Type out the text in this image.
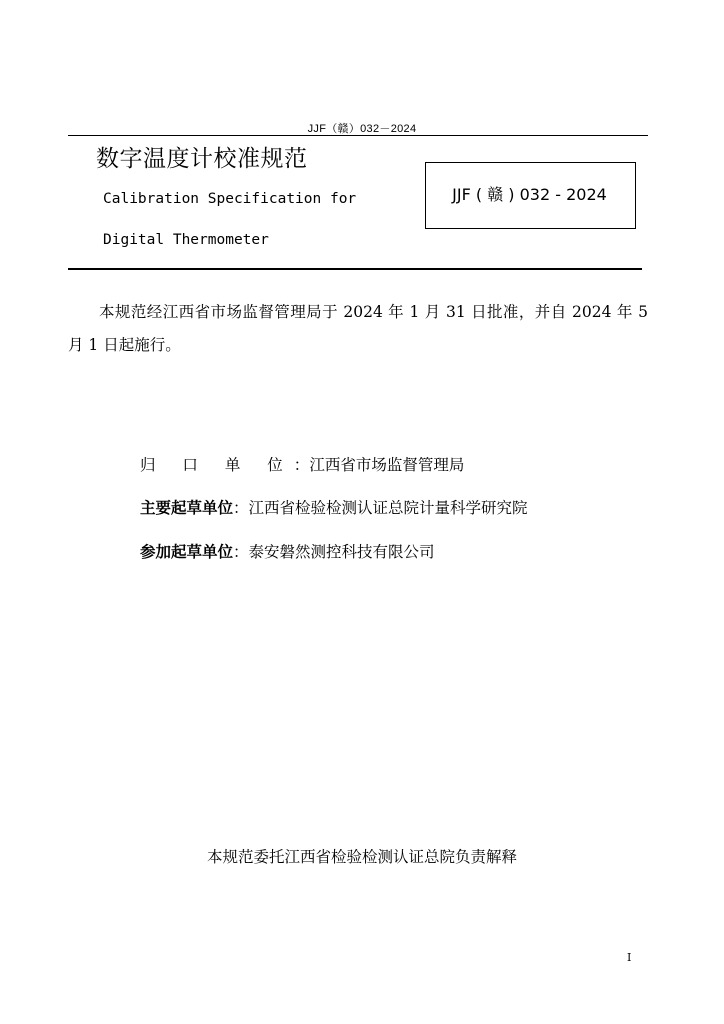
JJF（赣）032－2024
数字温度计校准规范
Calibration Specification for
Digital Thermometer
JJF ( 赣 ) 032 - 2024
本规范经江西省市场监督管理局于 2024 年 1 月 31 日批准，并自 2024 年 5 月 1 日起施行。
归 口 单 位：江西省市场监督管理局
主要起草单位：江西省检验检测认证总院计量科学研究院
参加起草单位：泰安磐然测控科技有限公司
本规范委托江西省检验检测认证总院负责解释
I
